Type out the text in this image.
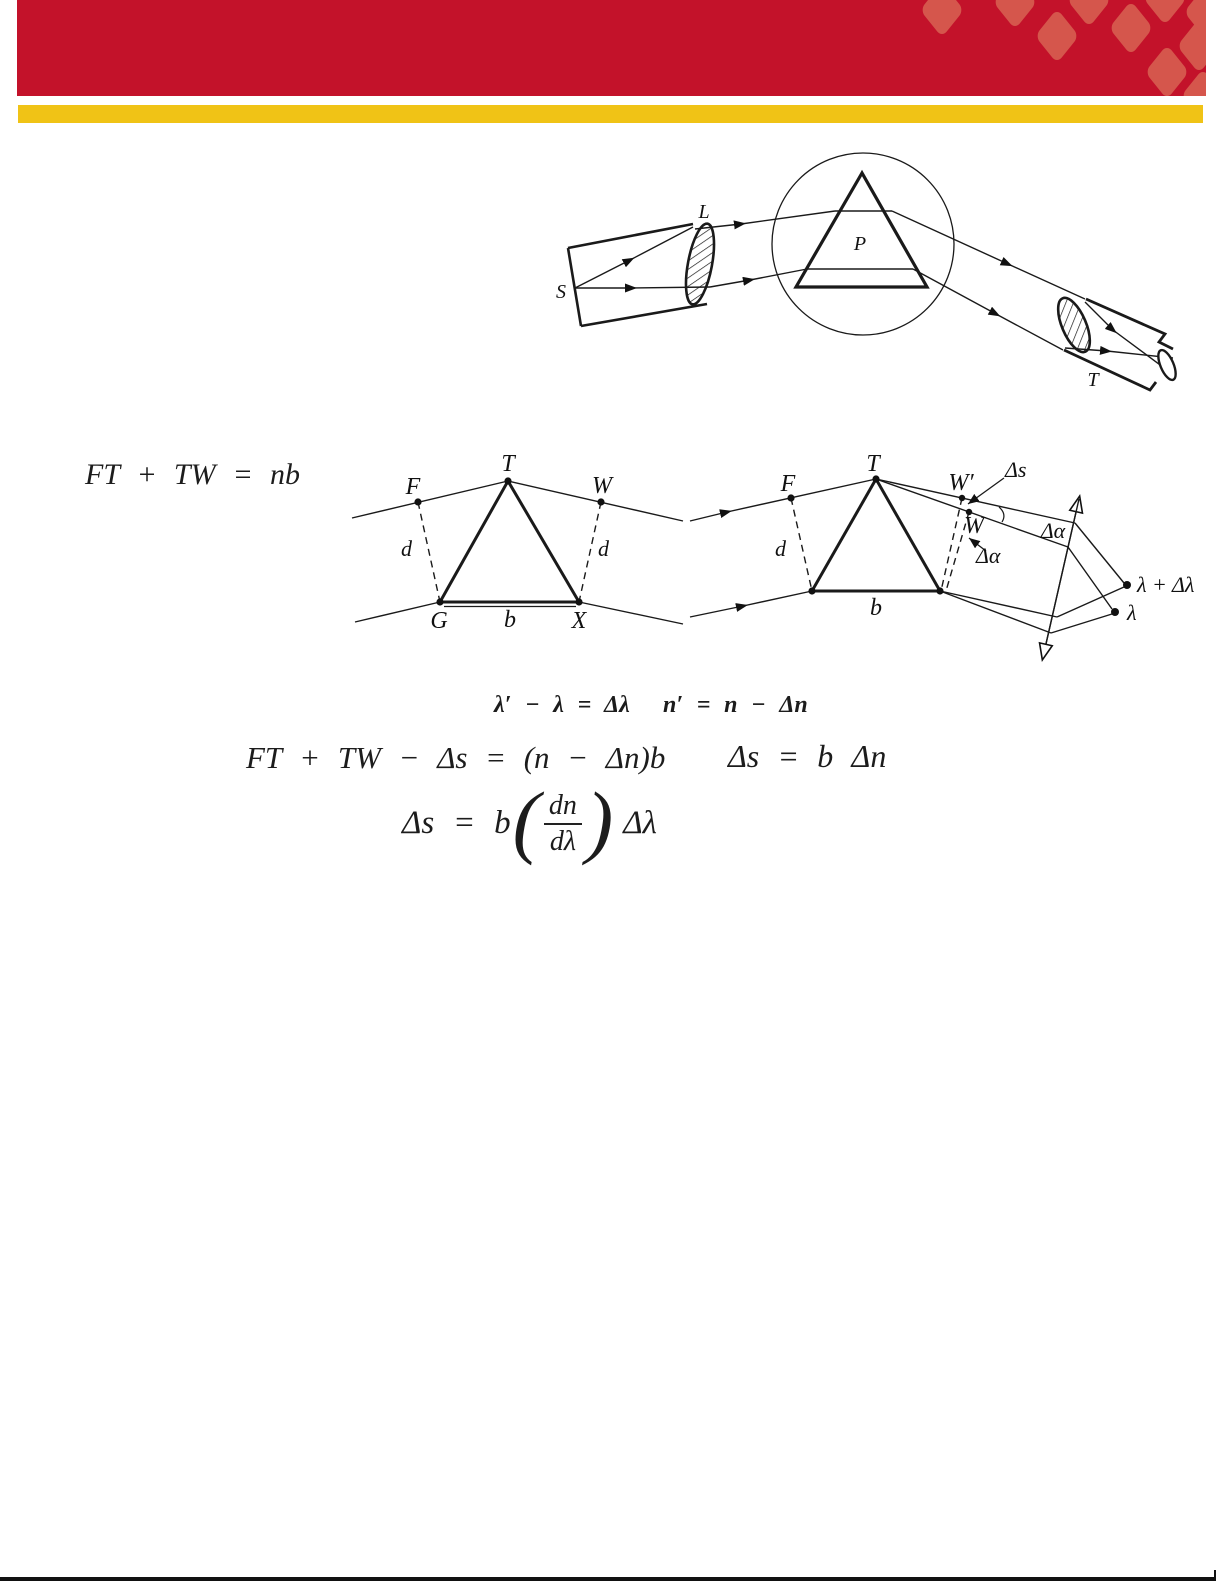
S
L
P
T
F
T
W
G	X
b
d	d
F
T
W′
W
d
b
Δs
Δα
Δα
λ + Δλ
λ
FT + TW = nb
λ′ − λ = Δλ n′ = n − Δn
FT + TW − Δs = (n − Δn)b Δs = b Δn
Δs = b ( $\frac{dn}{d\lambda}$ ) Δλ
